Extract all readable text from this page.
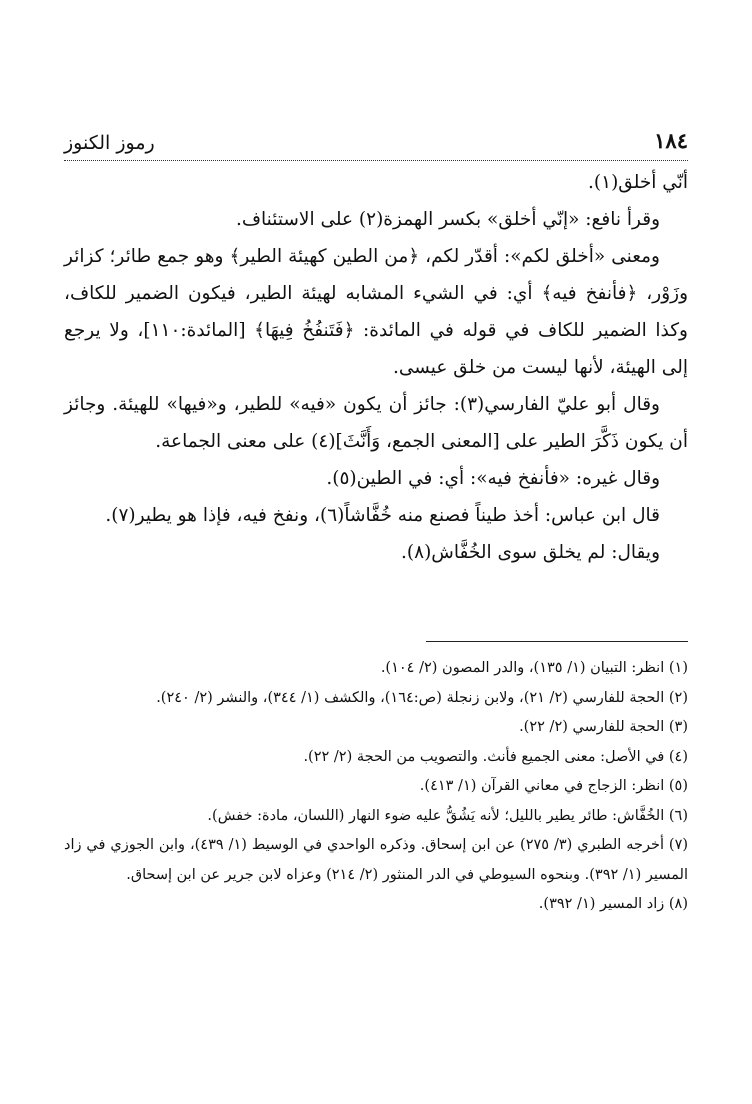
١٨٤
رموز الكنوز

أنّي أخلق(١).

وقرأ نافع: «إنّي أخلق» بكسر الهمزة(٢) على الاستئناف.

ومعنى «أخلق لكم»: أقدّر لكم، ﴿من الطين كهيئة الطير﴾ وهو جمع طائر؛ كزائر وزَوْر، ﴿فأنفخ فيه﴾ أي: في الشيء المشابه لهيئة الطير، فيكون الضمير للكاف، وكذا الضمير للكاف في قوله في المائدة: ﴿فَتَنفُخُ فِيهَا﴾ [المائدة:١١٠]، ولا يرجع إلى الهيئة، لأنها ليست من خلق عيسى.

وقال أبو عليّ الفارسي(٣): جائز أن يكون «فيه» للطير، و«فيها» للهيئة. وجائز أن يكون ذَكَّرَ الطير على [المعنى الجمع، وَأَنَّثَ](٤) على معنى الجماعة.

وقال غيره: «فأنفخ فيه»: أي: في الطين(٥).

قال ابن عباس: أخذ طيناً فصنع منه خُفَّاشاً(٦)، ونفخ فيه، فإذا هو يطير(٧).

ويقال: لم يخلق سوى الخُفَّاش(٨).

(١) انظر: التبيان (١/ ١٣٥)، والدر المصون (٢/ ١٠٤).

(٢) الحجة للفارسي (٢/ ٢١)، ولابن زنجلة (ص:١٦٤)، والكشف (١/ ٣٤٤)، والنشر (٢/ ٢٤٠).

(٣) الحجة للفارسي (٢/ ٢٢).

(٤) في الأصل: معنى الجميع فأنث. والتصويب من الحجة (٢/ ٢٢).

(٥) انظر: الزجاج في معاني القرآن (١/ ٤١٣).

(٦) الخُفَّاش: طائر يطير بالليل؛ لأنه يَشُقُّ عليه ضوء النهار (اللسان، مادة: خفش).

(٧) أخرجه الطبري (٣/ ٢٧٥) عن ابن إسحاق. وذكره الواحدي في الوسيط (١/ ٤٣٩)، وابن الجوزي في زاد المسير (١/ ٣٩٢). وبنحوه السيوطي في الدر المنثور (٢/ ٢١٤) وعزاه لابن جرير عن ابن إسحاق.

(٨) زاد المسير (١/ ٣٩٢).
